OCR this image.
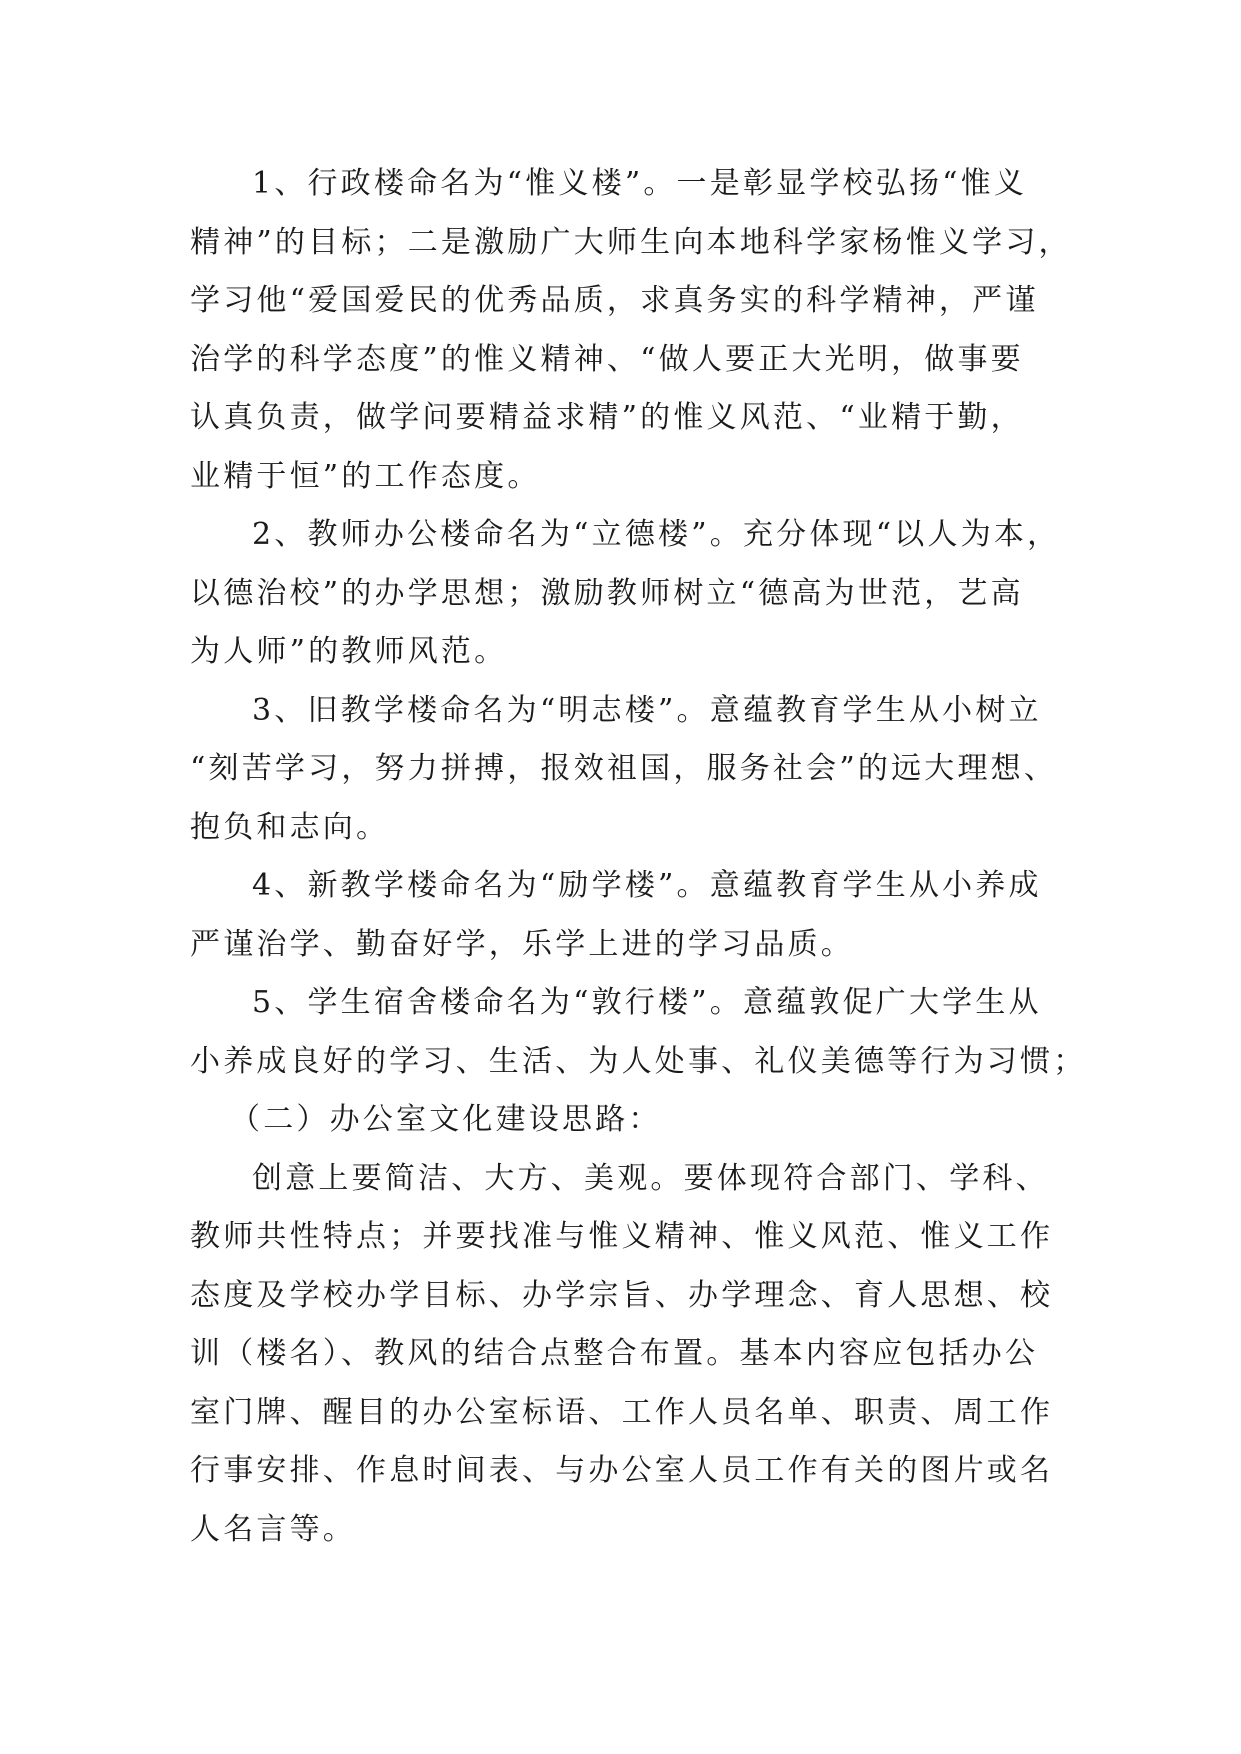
1、行政楼命名为“惟义楼”。一是彰显学校弘扬“惟义
精神”的目标；二是激励广大师生向本地科学家杨惟义学习，
学习他“爱国爱民的优秀品质，求真务实的科学精神，严谨
治学的科学态度”的惟义精神、“做人要正大光明，做事要
认真负责，做学问要精益求精”的惟义风范、“业精于勤，
业精于恒”的工作态度。
2、教师办公楼命名为“立德楼”。充分体现“以人为本，
以德治校”的办学思想；激励教师树立“德高为世范，艺高
为人师”的教师风范。
3、旧教学楼命名为“明志楼”。意蕴教育学生从小树立
“刻苦学习，努力拼搏，报效祖国，服务社会”的远大理想、
抱负和志向。
4、新教学楼命名为“励学楼”。意蕴教育学生从小养成
严谨治学、勤奋好学，乐学上进的学习品质。
5、学生宿舍楼命名为“敦行楼”。意蕴敦促广大学生从
小养成良好的学习、生活、为人处事、礼仪美德等行为习惯；
（二）办公室文化建设思路：
创意上要简洁、大方、美观。要体现符合部门、学科、
教师共性特点；并要找准与惟义精神、惟义风范、惟义工作
态度及学校办学目标、办学宗旨、办学理念、育人思想、校
训（楼名）、教风的结合点整合布置。基本内容应包括办公
室门牌、醒目的办公室标语、工作人员名单、职责、周工作
行事安排、作息时间表、与办公室人员工作有关的图片或名
人名言等。
